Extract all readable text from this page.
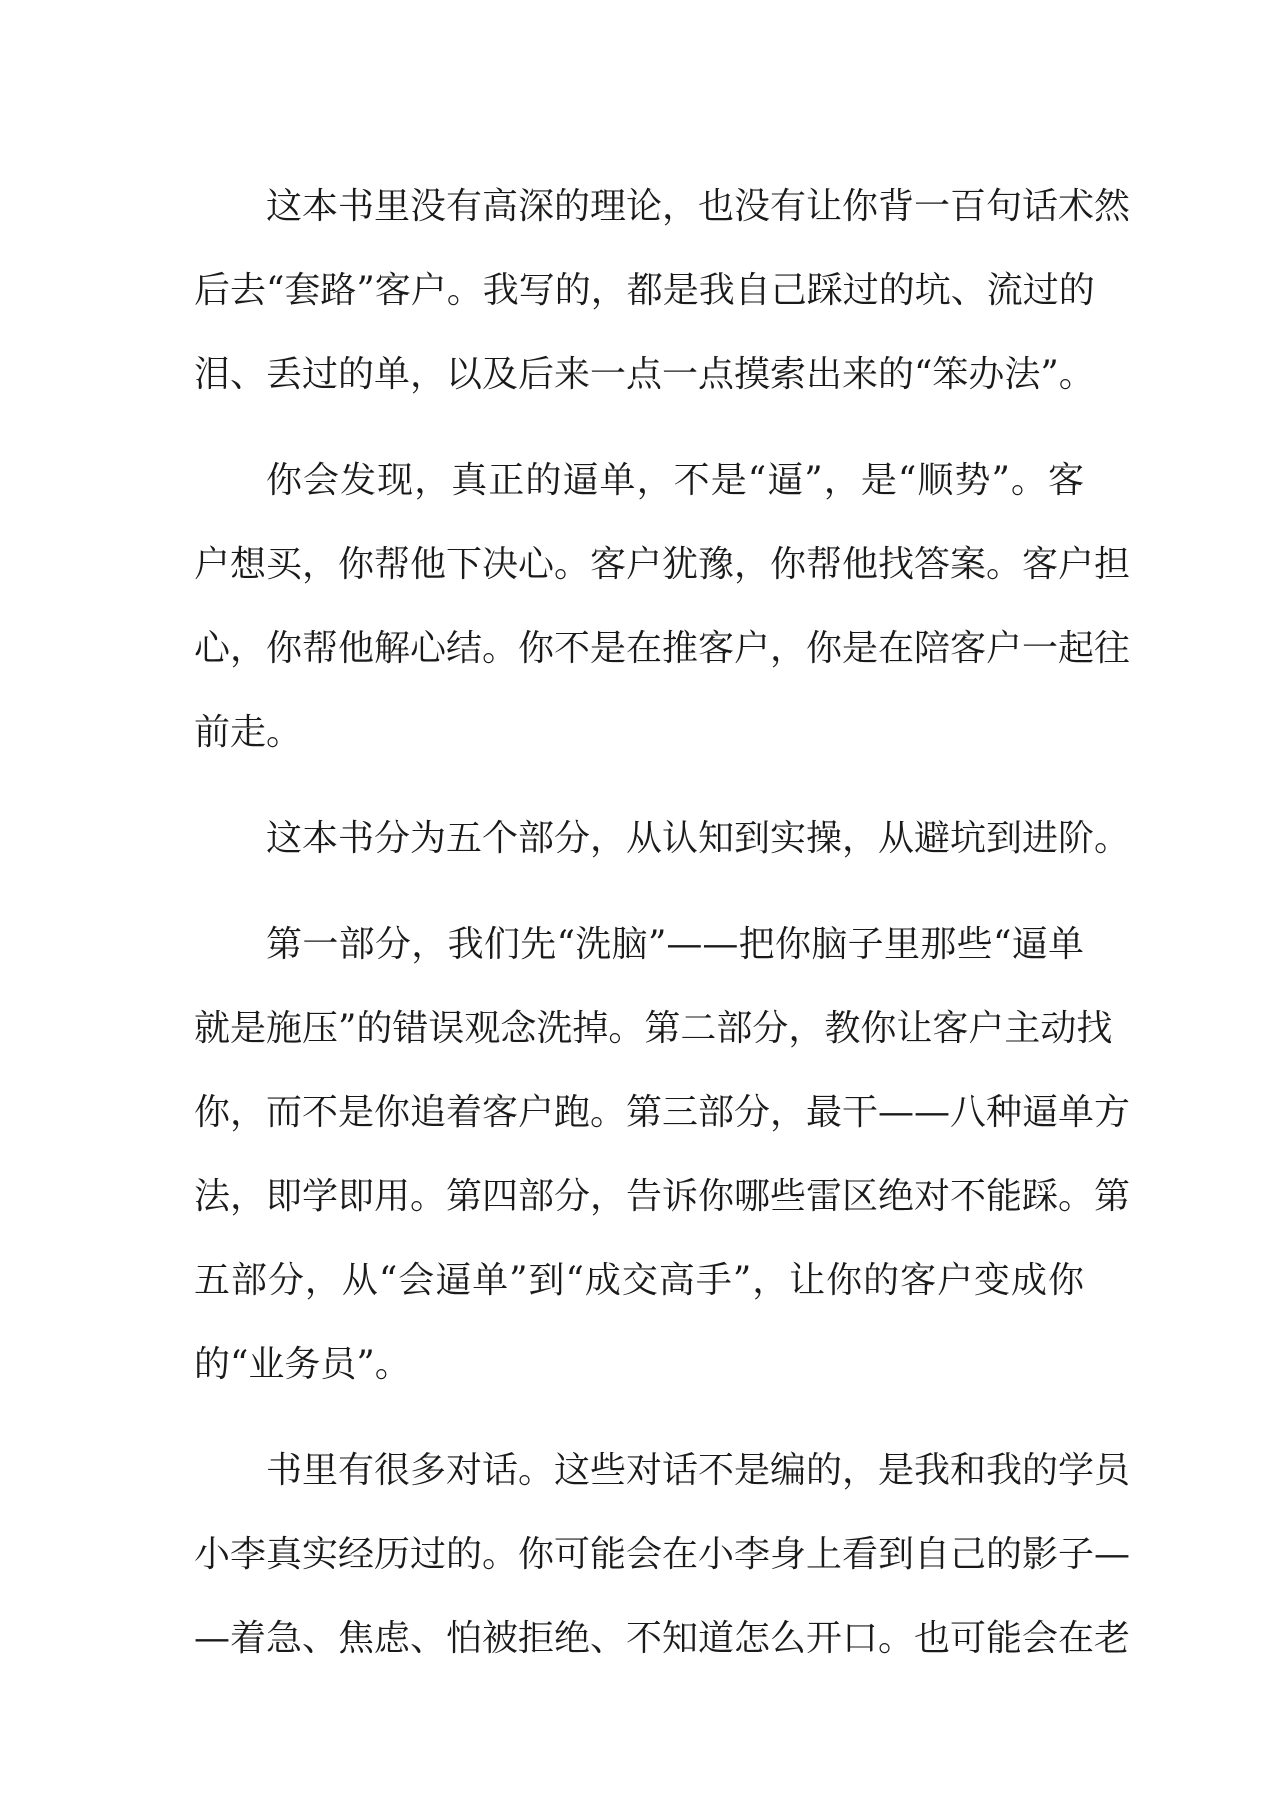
这本书里没有高深的理论，也没有让你背一百句话术然
后去“套路”客户。我写的，都是我自己踩过的坑、流过的
泪、丢过的单，以及后来一点一点摸索出来的“笨办法”。
你会发现，真正的逼单，不是“逼”，是“顺势”。客
户想买，你帮他下决心。客户犹豫，你帮他找答案。客户担
心，你帮他解心结。你不是在推客户，你是在陪客户一起往
前走。
这本书分为五个部分，从认知到实操，从避坑到进阶。
第一部分，我们先“洗脑”——把你脑子里那些“逼单
就是施压”的错误观念洗掉。第二部分，教你让客户主动找
你，而不是你追着客户跑。第三部分，最干——八种逼单方
法，即学即用。第四部分，告诉你哪些雷区绝对不能踩。第
五部分，从“会逼单”到“成交高手”，让你的客户变成你
的“业务员”。
书里有很多对话。这些对话不是编的，是我和我的学员
小李真实经历过的。你可能会在小李身上看到自己的影子—
—着急、焦虑、怕被拒绝、不知道怎么开口。也可能会在老
